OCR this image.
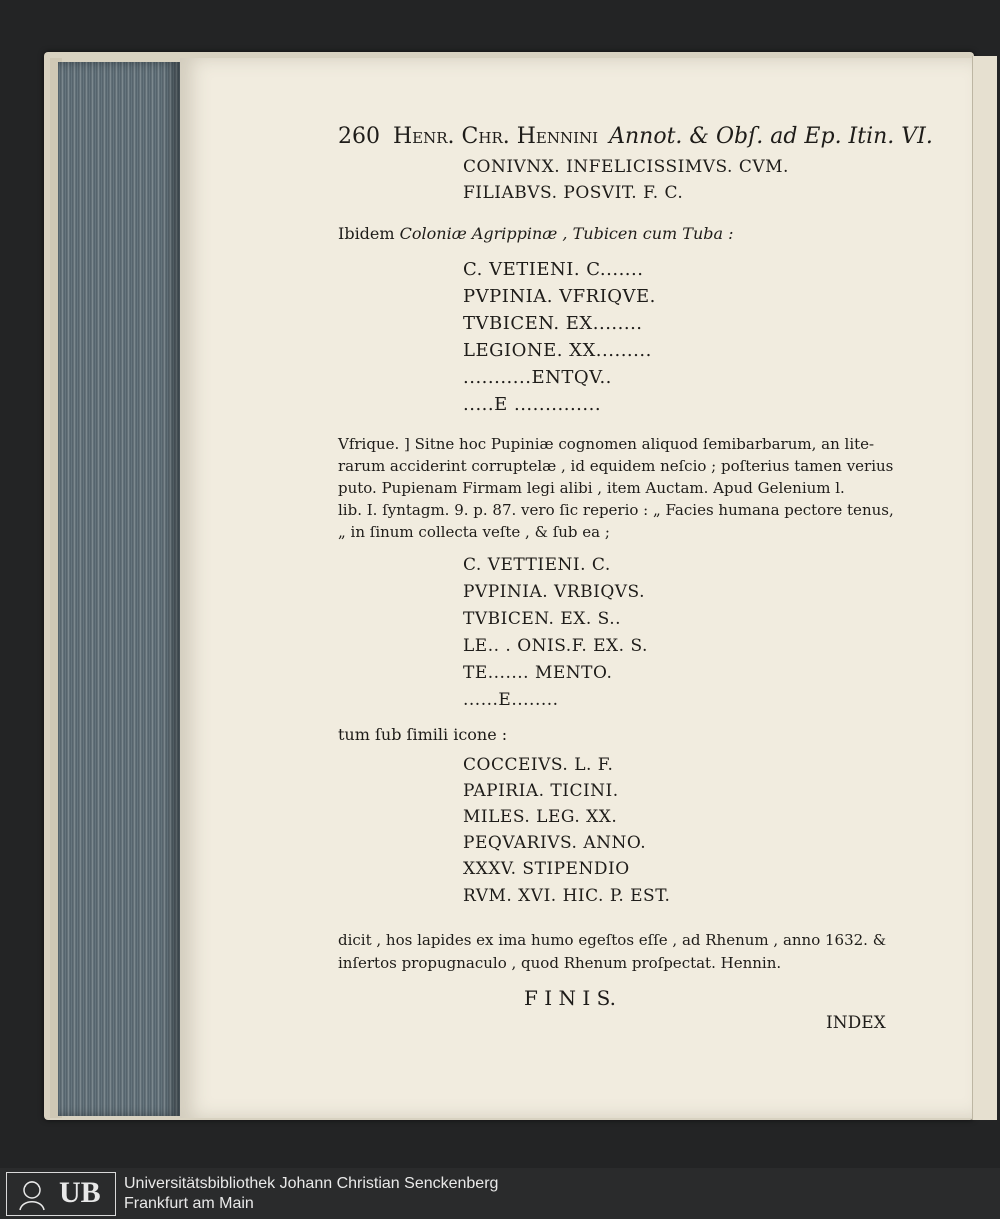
260 Henr. Chr. Hennini Annot. & Obſ. ad Ep. Itin. VI.
CONIVNX. INFELICISSIMVS. CVM.
FILIABVS. POSVIT. F. C.
Ibidem Coloniæ Agrippinæ , Tubicen cum Tuba :
C. VETIENI. C.......
PVPINIA. VFRIQVE.
TVBICEN. EX........
LEGIONE. XX.........
...........ENTQV..
.....E ..............
Vfrique. ] Sitne hoc Pupiniæ cognomen aliquod ſemibarbarum, an lite-
rarum acciderint corruptelæ , id equidem neſcio ; poſterius tamen verius
puto. Pupienam Firmam legi alibi , item Auctam. Apud Gelenium l.
lib. I. ſyntagm. 9. p. 87. vero ſic reperio : „ Facies humana pectore tenus,
„ in ſinum collecta veſte , & ſub ea ;
C. VETTIENI. C.
PVPINIA. VRBIQVS.
TVBICEN. EX. S..
LE.. . ONIS.F. EX. S.
TE....... MENTO.
......E........
tum ſub ſimili icone :
COCCEIVS. L. F.
PAPIRIA. TICINI.
MILES. LEG. XX.
PEQVARIVS. ANNO.
XXXV. STIPENDIO
RVM. XVI. HIC. P. EST.
dicit , hos lapides ex ima humo egeſtos eſſe , ad Rhenum , anno 1632. &
inſertos propugnaculo , quod Rhenum proſpectat. Hennin.
F I N I S.
INDEX
UB Universitätsbibliothek Johann Christian Senckenberg
Frankfurt am Main
